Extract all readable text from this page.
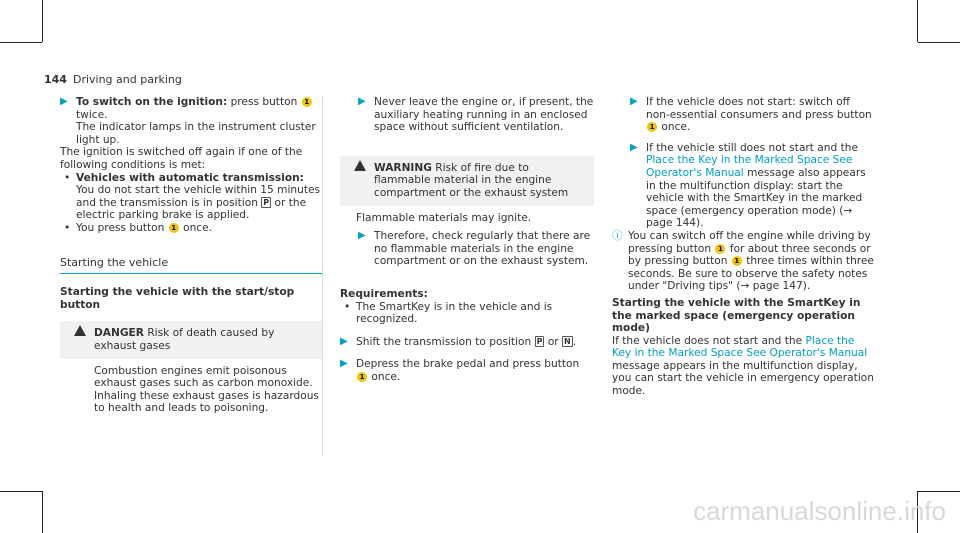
144 Driving and parking
▶ To switch on the ignition: press button 1
twice.
The indicator lamps in the instrument cluster light up.
The ignition is switched off again if one of the following conditions is met:
• Vehicles with automatic transmission:
You do not start the vehicle within 15 minutes and the transmission is in position P or the electric parking brake is applied.
• You press button 1 once.
Starting the vehicle
Starting the vehicle with the start/stop button
DANGER Risk of death caused by exhaust gases
Combustion engines emit poisonous exhaust gases such as carbon monoxide. Inhaling these exhaust gases is hazardous to health and leads to poisoning.
▶ Never leave the engine or, if present, the auxiliary heating running in an enclosed space without sufficient ventilation.
WARNING Risk of fire due to flammable material in the engine compartment or the exhaust system
Flammable materials may ignite.
▶ Therefore, check regularly that there are no flammable materials in the engine compartment or on the exhaust system.
Requirements:
• The SmartKey is in the vehicle and is recognized.
▶ Shift the transmission to position P or N .
▶ Depress the brake pedal and press button 1 once.
▶ If the vehicle does not start: switch off non-essential consumers and press button 1 once.
▶ If the vehicle still does not start and the Place the Key in the Marked Space See Operator's Manual message also appears in the multifunction display: start the vehicle with the SmartKey in the marked space (emergency operation mode) (→ page 144).
ⓘ You can switch off the engine while driving by pressing button 1 for about three seconds or by pressing button 1 three times within three seconds. Be sure to observe the safety notes under "Driving tips" (→ page 147).
Starting the vehicle with the SmartKey in the marked space (emergency operation mode)
If the vehicle does not start and the Place the Key in the Marked Space See Operator's Manual message appears in the multifunction display, you can start the vehicle in emergency operation mode.
carmanualsonline.info
